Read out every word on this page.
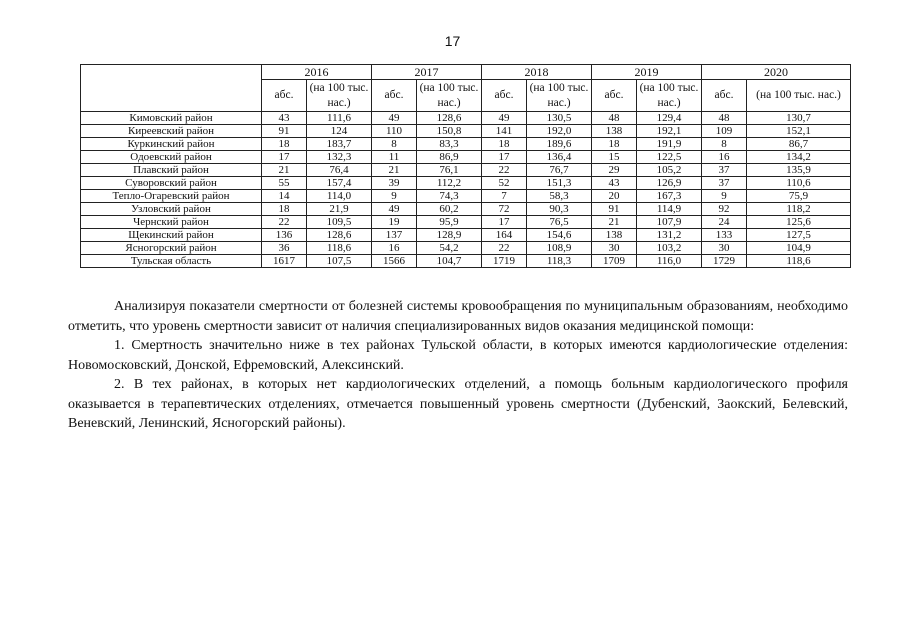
17
	2016		2017		2018		2019		2020	
	абс.	(на 100 тыс. нас.)	абс.	(на 100 тыс. нас.)	абс.	(на 100 тыс. нас.)	абс.	(на 100 тыс. нас.)	абс.	(на 100 тыс. нас.)
Кимовский район	43	111,6	49	128,6	49	130,5	48	129,4	48	130,7
Киреевский район	91	124	110	150,8	141	192,0	138	192,1	109	152,1
Куркинский район	18	183,7	8	83,3	18	189,6	18	191,9	8	86,7
Одоевский район	17	132,3	11	86,9	17	136,4	15	122,5	16	134,2
Плавский район	21	76,4	21	76,1	22	76,7	29	105,2	37	135,9
Суворовский район	55	157,4	39	112,2	52	151,3	43	126,9	37	110,6
Тепло-Огаревский район	14	114,0	9	74,3	7	58,3	20	167,3	9	75,9
Узловский район	18	21,9	49	60,2	72	90,3	91	114,9	92	118,2
Чернский район	22	109,5	19	95,9	17	76,5	21	107,9	24	125,6
Щекинский район	136	128,6	137	128,9	164	154,6	138	131,2	133	127,5
Ясногорский район	36	118,6	16	54,2	22	108,9	30	103,2	30	104,9
Тульская область	1617	107,5	1566	104,7	1719	118,3	1709	116,0	1729	118,6

Анализируя показатели смертности от болезней системы кровообращения по муниципальным образованиям, необходимо отметить, что уровень смертности зависит от наличия специализированных видов оказания медицинской помощи:

1. Смертность значительно ниже в тех районах Тульской области, в которых имеются кардиологические отделения: Новомосковский, Донской, Ефремовский, Алексинский.

2. В тех районах, в которых нет кардиологических отделений, а помощь больным кардиологического профиля оказывается в терапевтических отделениях, отмечается повышенный уровень смертности (Дубенский, Заокский, Белевский, Веневский, Ленинский, Ясногорский районы).
